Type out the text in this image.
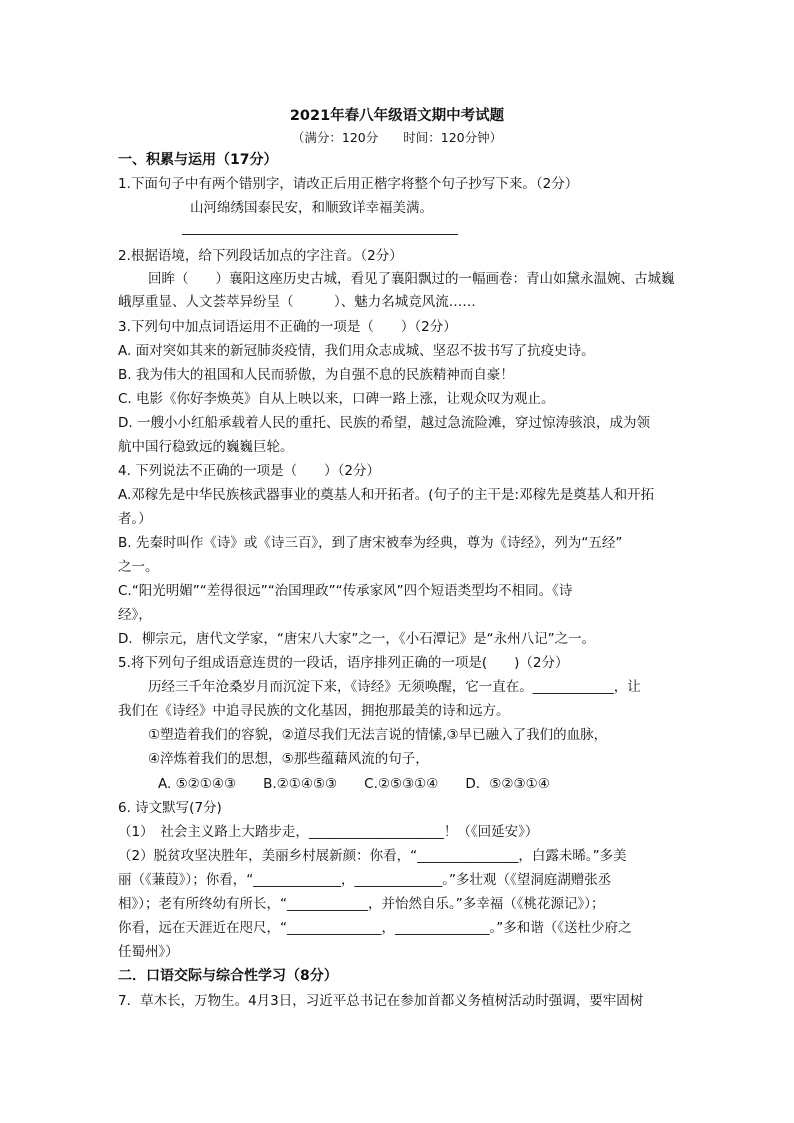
2021年春八年级语文期中考试题
（满分：120分　　时间：120分钟）
一、积累与运用（17分）
1.下面句子中有两个错别字，请改正后用正楷字将整个句子抄写下来。（2分）
山河绵绣国泰民安，和顺致详幸福美满。
2.根据语境，给下列段话加点的字注音。（2分）
回眸（　　）襄阳这座历史古城，看见了襄阳飘过的一幅画卷：青山如黛永温婉、古城巍
峨厚重显、人文荟萃异纷呈（　　　）、魅力名城竞风流……
3.下列句中加点词语运用不正确的一项是（　　）（2分）
A. 面对突如其来的新冠肺炎疫情，我们用众志成城、坚忍不拔书写了抗疫史诗。
B. 我为伟大的祖国和人民而骄傲，为自强不息的民族精神而自豪！
C. 电影《你好李焕英》自从上映以来，口碑一路上涨，让观众叹为观止。
D. 一艘小小红船承载着人民的重托、民族的希望，越过急流险滩，穿过惊涛骇浪，成为领
航中国行稳致远的巍巍巨轮。
4. 下列说法不正确的一项是（　　）（2分）
A.邓稼先是中华民族核武器事业的奠基人和开拓者。(句子的主干是:邓稼先是奠基人和开拓
者。）
B. 先秦时叫作《诗》或《诗三百》，到了唐宋被奉为经典，尊为《诗经》，列为“五经”
之一。
C.“阳光明媚”“差得很远”“治国理政”“传承家风”四个短语类型均不相同。《诗
经》，
D．柳宗元，唐代文学家，“唐宋八大家”之一，《小石潭记》是“永州八记”之一。
5.将下列句子组成语意连贯的一段话，语序排列正确的一项是(　　)（2分）
历经三千年沧桑岁月而沉淀下来，《诗经》无须唤醒，它一直在。____________，让
我们在《诗经》中追寻民族的文化基因，拥抱那最美的诗和远方。
①塑造着我们的容貌，②道尽我们无法言说的情愫,③早已融入了我们的血脉，
④淬炼着我们的思想，⑤那些蕴藉风流的句子，
A. ⑤②①④③　　B.②①④⑤③　　C.②⑤③①④　　D．⑤②③①④
6. 诗文默写(7分)
（1）　社会主义路上大踏步走，____________________！（《回延安》）
（2）脱贫攻坚决胜年，美丽乡村展新颜：你看，“_______________，白露未晞。”多美
丽（《蒹葭》）；你看，“_____________，_____________。”多壮观（《望洞庭湖赠张丞
相》）；老有所终幼有所长，“____________，并怡然自乐。”多幸福（《桃花源记》）；
你看，远在天涯近在咫尺，“______________，______________。”多和谐（《送杜少府之
任蜀州》）
二．口语交际与综合性学习（8分）
7．草木长，万物生。4月3日，习近平总书记在参加首都义务植树活动时强调，要牢固树
